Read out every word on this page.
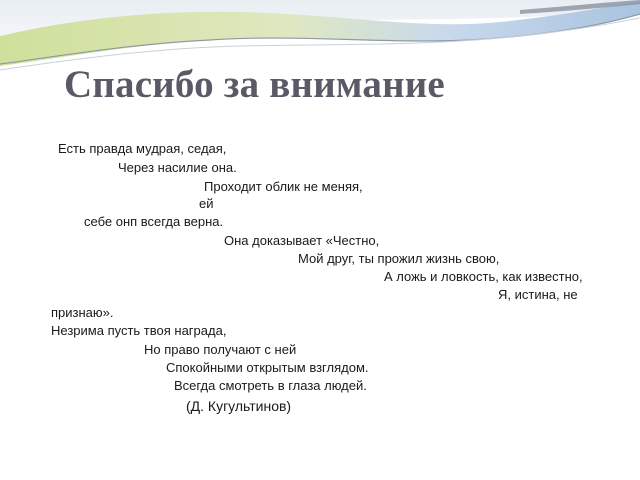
Спасибо за внимание
Есть правда мудрая, седая,
Через насилие она.
Проходит облик не меняя,
ей
себе онп всегда верна.
Она доказывает «Честно,
Мой друг, ты прожил жизнь свою,
А ложь и ловкость, как известно,
Я, истина, не
признаю».
Незрима пусть твоя награда,
Но право получают с ней
Спокойными открытым взглядом.
Всегда смотреть в глаза людей.
(Д. Кугультинов)
